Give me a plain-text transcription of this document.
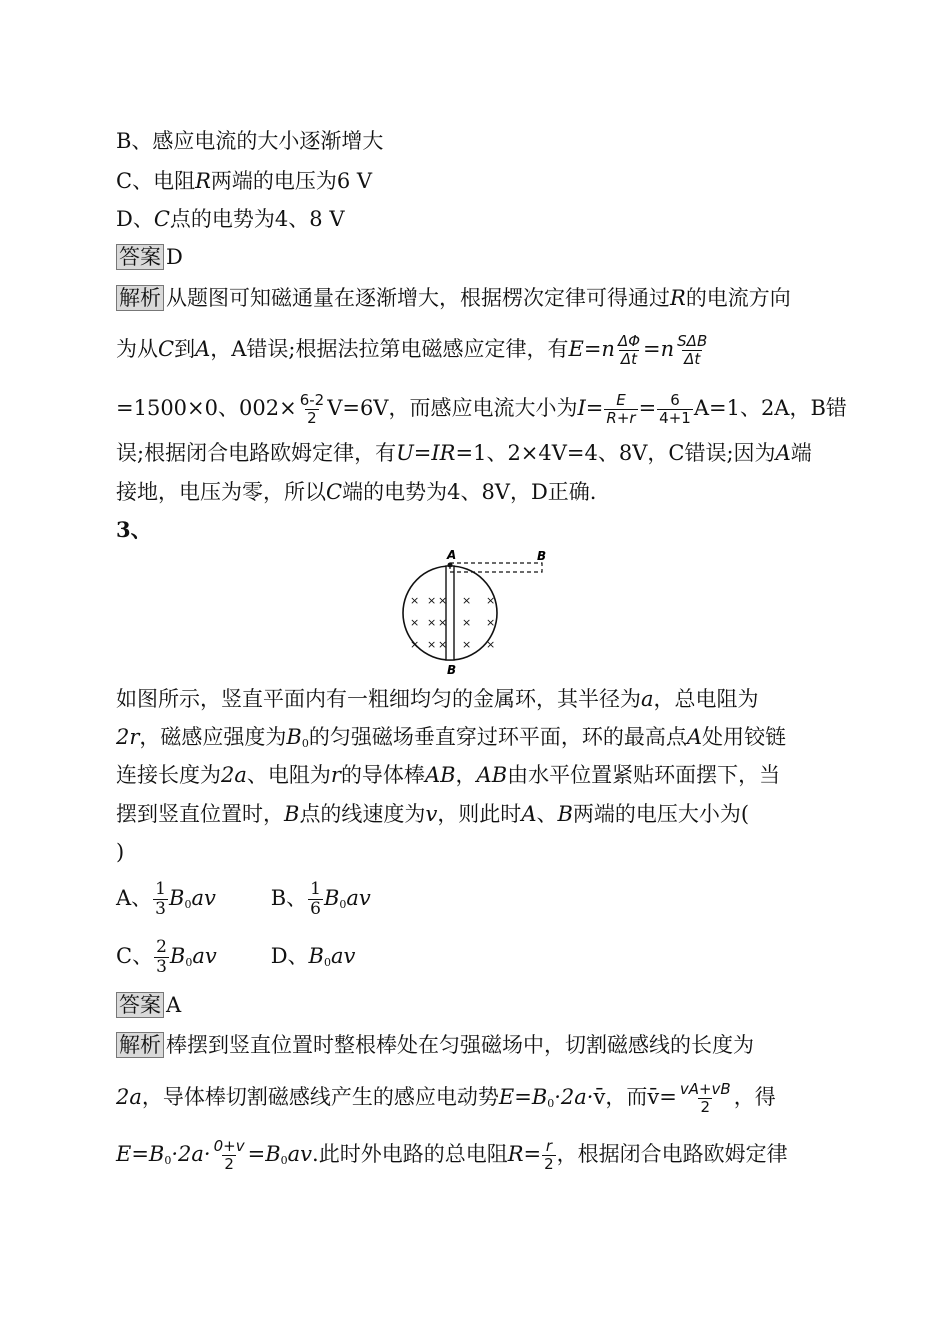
B、感应电流的大小逐渐增大
C、电阻R两端的电压为6 V
D、C点的电势为4、8 V
答案 D
解析 从题图可知磁通量在逐渐增大，根据楞次定律可得通过R的电流方向
为从C到A，A错误;根据法拉第电磁感应定律，有$E=n \frac{\Delta\Phi}{\Delta t} =n \frac{\text{SΔB}}{\Delta t}$
=1500×0、$002\times \frac{6-2}{2} V=6V$，而感应电流大小为$I= \frac{E}{R+r} = \frac{6}{4+1} A=1$、2A，B错
误;根据闭合电路欧姆定律，有U=IR=1、2×4V=4、8V，C错误;因为A端
接地，电压为零，所以C端的电势为4、8V，D正确.
3、
A	B
B
× × × ×
× × × ×
× × × ×
×
×
×
如图所示，竖直平面内有一粗细均匀的金属环，其半径为a，总电阻为
2r，磁感应强度为$B_0$的匀强磁场垂直穿过环平面，环的最高点A处用铰链
连接长度为2a、电阻为r的导体棒AB，AB由水平位置紧贴环面摆下，当
摆到竖直位置时，B点的线速度为v，则此时A、B两端的电压大小为(
)
A、 $\frac{1}{3} B_0av$	B、 $\frac{1}{6} B_0av$
C、 $\frac{2}{3} B_0av$	D、$B_0av$
答案 A
解析 棒摆到竖直位置时整根棒处在匀强磁场中，切割磁感线的长度为
2a，导体棒切割磁感线产生的感应电动势$E=B_0\cdot 2a\cdot v̄$，而v̄= $\frac{vA+vB}{2}$ ，得
$E=B_0\cdot 2a\cdot \frac{0+v}{2} =B_0av$.此时外电路的总电阻$R= \frac{r}{2}$ ，根据闭合电路欧姆定律
